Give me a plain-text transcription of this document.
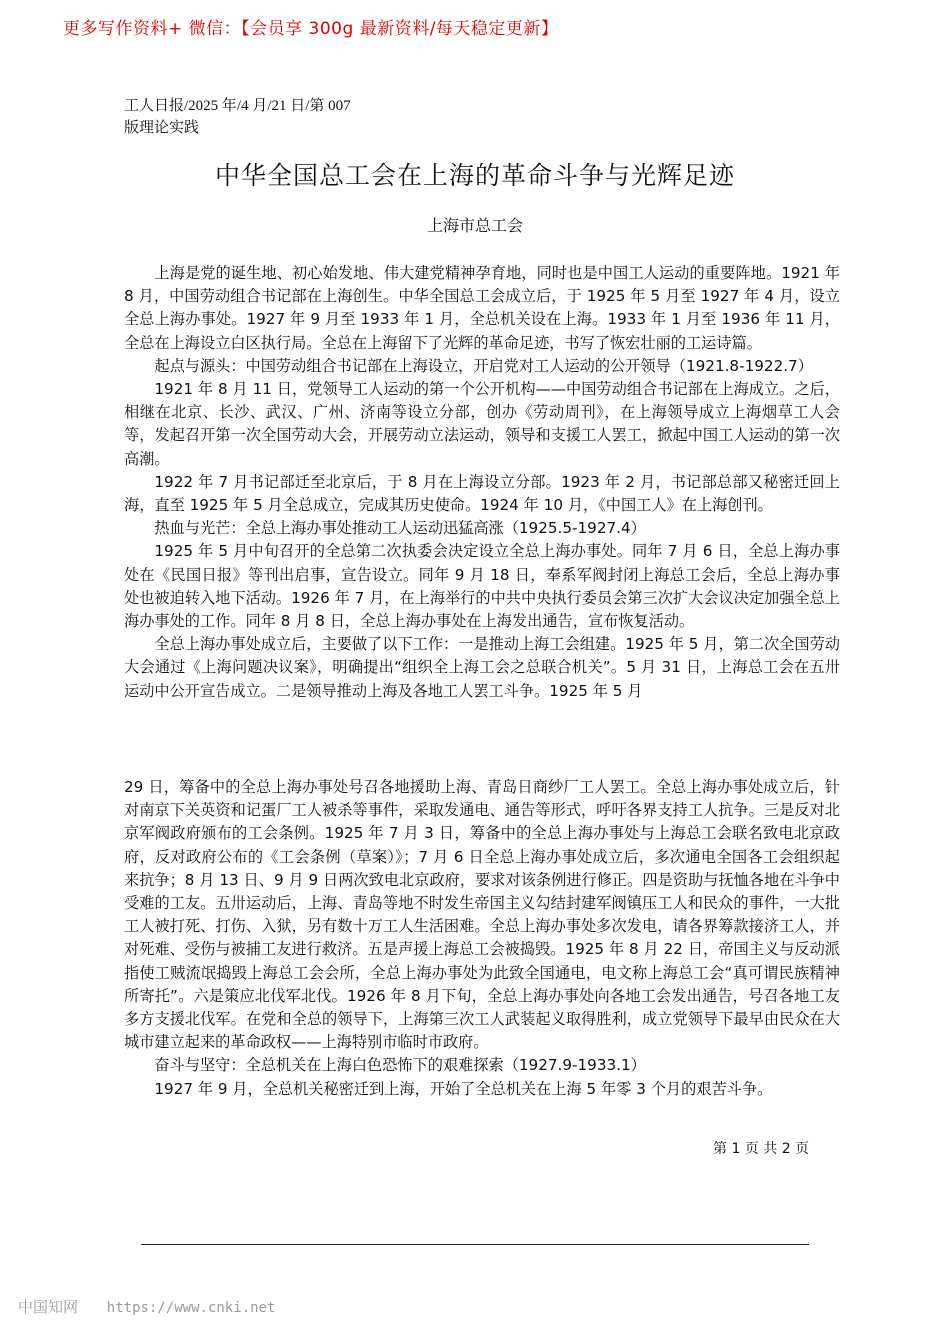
更多写作资料+ 微信：【会员享 300g 最新资料/每天稳定更新】
工人日报/2025 年/4 月/21 日/第 007
版理论实践
中华全国总工会在上海的革命斗争与光辉足迹
上海市总工会

上海是党的诞生地、初心始发地、伟大建党精神孕育地，同时也是中国工人运动的重要阵地。1921 年 8 月，中国劳动组合书记部在上海创生。中华全国总工会成立后，于 1925 年 5 月至 1927 年 4 月，设立全总上海办事处。1927 年 9 月至 1933 年 1 月，全总机关设在上海。1933 年 1 月至 1936 年 11 月，全总在上海设立白区执行局。全总在上海留下了光辉的革命足迹，书写了恢宏壮丽的工运诗篇。

起点与源头：中国劳动组合书记部在上海设立，开启党对工人运动的公开领导（1921.8-1922.7）

1921 年 8 月 11 日，党领导工人运动的第一个公开机构——中国劳动组合书记部在上海成立。之后，相继在北京、长沙、武汉、广州、济南等设立分部，创办《劳动周刊》，在上海领导成立上海烟草工人会等，发起召开第一次全国劳动大会，开展劳动立法运动，领导和支援工人罢工，掀起中国工人运动的第一次高潮。

1922 年 7 月书记部迁至北京后，于 8 月在上海设立分部。1923 年 2 月，书记部总部又秘密迁回上海，直至 1925 年 5 月全总成立，完成其历史使命。1924 年 10 月，《中国工人》在上海创刊。

热血与光芒：全总上海办事处推动工人运动迅猛高涨（1925.5-1927.4）

1925 年 5 月中旬召开的全总第二次执委会决定设立全总上海办事处。同年 7 月 6 日，全总上海办事处在《民国日报》等刊出启事，宣告设立。同年 9 月 18 日，奉系军阀封闭上海总工会后，全总上海办事处也被迫转入地下活动。1926 年 7 月，在上海举行的中共中央执行委员会第三次扩大会议决定加强全总上海办事处的工作。同年 8 月 8 日，全总上海办事处在上海发出通告，宣布恢复活动。

全总上海办事处成立后，主要做了以下工作：一是推动上海工会组建。1925 年 5 月，第二次全国劳动大会通过《上海问题决议案》，明确提出“组织全上海工会之总联合机关”。5 月 31 日，上海总工会在五卅运动中公开宣告成立。二是领导推动上海及各地工人罢工斗争。1925 年 5 月

29 日，筹备中的全总上海办事处号召各地援助上海、青岛日商纱厂工人罢工。全总上海办事处成立后，针对南京下关英资和记蛋厂工人被杀等事件，采取发通电、通告等形式，呼吁各界支持工人抗争。三是反对北京军阀政府颁布的工会条例。1925 年 7 月 3 日，筹备中的全总上海办事处与上海总工会联名致电北京政府，反对政府公布的《工会条例（草案）》；7 月 6 日全总上海办事处成立后，多次通电全国各工会组织起来抗争；8 月 13 日、9 月 9 日两次致电北京政府，要求对该条例进行修正。四是资助与抚恤各地在斗争中受难的工友。五卅运动后，上海、青岛等地不时发生帝国主义勾结封建军阀镇压工人和民众的事件，一大批工人被打死、打伤、入狱，另有数十万工人生活困难。全总上海办事处多次发电，请各界筹款接济工人，并对死难、受伤与被捕工友进行救济。五是声援上海总工会被捣毁。1925 年 8 月 22 日，帝国主义与反动派指使工贼流氓捣毁上海总工会会所，全总上海办事处为此致全国通电，电文称上海总工会“真可谓民族精神所寄托”。六是策应北伐军北伐。1926 年 8 月下旬，全总上海办事处向各地工会发出通告，号召各地工友多方支援北伐军。在党和全总的领导下，上海第三次工人武装起义取得胜利，成立党领导下最早由民众在大城市建立起来的革命政权——上海特别市临时市政府。

奋斗与坚守：全总机关在上海白色恐怖下的艰难探索（1927.9-1933.1）

1927 年 9 月，全总机关秘密迁到上海，开始了全总机关在上海 5 年零 3 个月的艰苦斗争。

第 1 页 共 2 页
中国知网 https://www.cnki.net
